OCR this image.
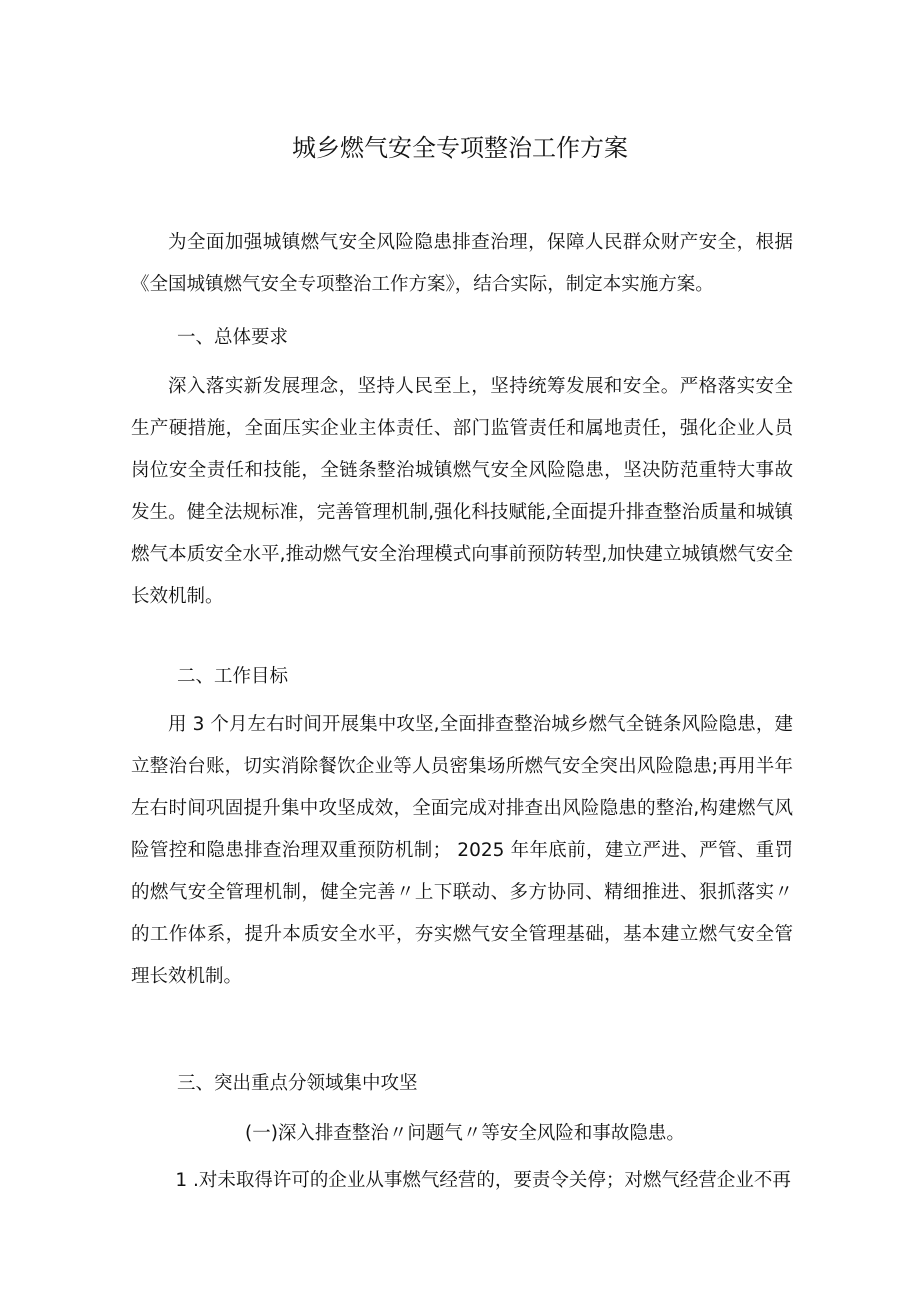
城乡燃气安全专项整治工作方案

为全面加强城镇燃气安全风险隐患排查治理，保障人民群众财产安全，根据《全国城镇燃气安全专项整治工作方案》，结合实际，制定本实施方案。

一、总体要求

深入落实新发展理念，坚持人民至上，坚持统筹发展和安全。严格落实安全生产硬措施，全面压实企业主体责任、部门监管责任和属地责任，强化企业人员岗位安全责任和技能，全链条整治城镇燃气安全风险隐患，坚决防范重特大事故发生。健全法规标准，完善管理机制,强化科技赋能,全面提升排查整治质量和城镇燃气本质安全水平,推动燃气安全治理模式向事前预防转型,加快建立城镇燃气安全长效机制。

二、工作目标

用 3 个月左右时间开展集中攻坚,全面排查整治城乡燃气全链条风险隐患，建立整治台账，切实消除餐饮企业等人员密集场所燃气安全突出风险隐患;再用半年左右时间巩固提升集中攻坚成效，全面完成对排查出风险隐患的整治,构建燃气风险管控和隐患排查治理双重预防机制； 2025 年年底前，建立严进、严管、重罚的燃气安全管理机制，健全完善〃上下联动、多方协同、精细推进、狠抓落实〃的工作体系，提升本质安全水平，夯实燃气安全管理基础，基本建立燃气安全管理长效机制。

三、突出重点分领域集中攻坚

(一)深入排查整治〃问题气〃等安全风险和事故隐患。

1 .对未取得许可的企业从事燃气经营的，要责令关停；对燃气经营企业不再
